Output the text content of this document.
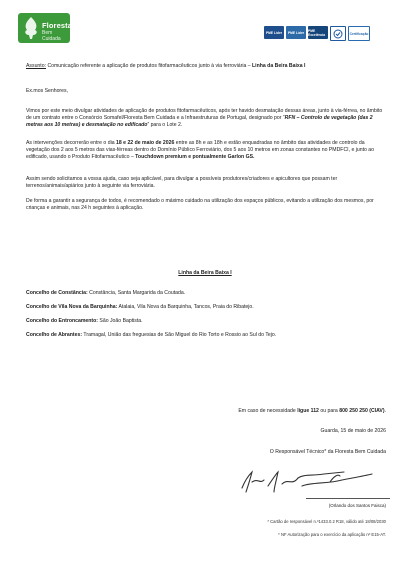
Floresta
Bem Cuidada
PME Líder	PME Líder	PME Excelência	Certificação

Assunto: Comunicação referente a aplicação de produtos fitofarmacêuticos junto à via ferroviária – Linha da Beira Baixa I

Ex.mos Senhores,

Vimos por este meio divulgar atividades de aplicação de produtos fitofarmacêuticos, após ter havido desmatação dessas áreas, junto à via-férrea, no âmbito de um contrato entre o Consórcio Somafel/Floresta Bem Cuidada e a Infraestruturas de Portugal, designado por “RFN – Controlo de vegetação (das 2 metras aos 10 metras) e desmatação no edificado” para o Lote 2.

As intervenções decorrerão entre o dia 18 e 22 de maio de 2026 entre as 8h e as 18h e estão enquadradas no âmbito das atividades de controlo da vegetação dos 2 aos 5 metros das vias-férreas dentro do Domínio Público Ferroviário, dos 5 aos 10 metros em zonas constantes no PMDFCI, e junto ao edificado, usando o Produto Fitofarmacêutico – Touchdown premium e pontualmente Garlon GS.

Assim sendo solicitamos a vossa ajuda, caso seja aplicável, para divulgar a possíveis produtores/criadores e apicultores que possam ter terrenos/animais/apiários junto à seguinte via ferroviária.

De forma a garantir a segurança de todos, é recomendado o máximo cuidado na utilização dos espaços públicos, evitando a utilização dos mesmos, por crianças e animais, nas 24 h seguintes à aplicação.

Linha da Beira Baixa I

Concelho de Constância: Constância, Santa Margarida da Coutada.

Concelho de Vila Nova da Barquinha: Atalaia, Vila Nova da Barquinha, Tancos, Praia do Ribatejo.

Concelho do Entroncamento: São João Baptista.

Concelho de Abrantes: Tramagal, União das freguesias de São Miguel do Rio Torto e Rossio ao Sul do Tejo.

Em caso de necessidade ligue 112 ou para 800 250 250 (CIAV).

Guarda, 15 de maio de 2026

O Responsável Técnico* da Floresta Bem Cuidada

(Orlando dos Santos Faisca)

* Cartão de responsável n.º1433.0.2 R18, válido até 18/08/2030

* NF Autorização para o exercício da aplicação nº E15-AT.
